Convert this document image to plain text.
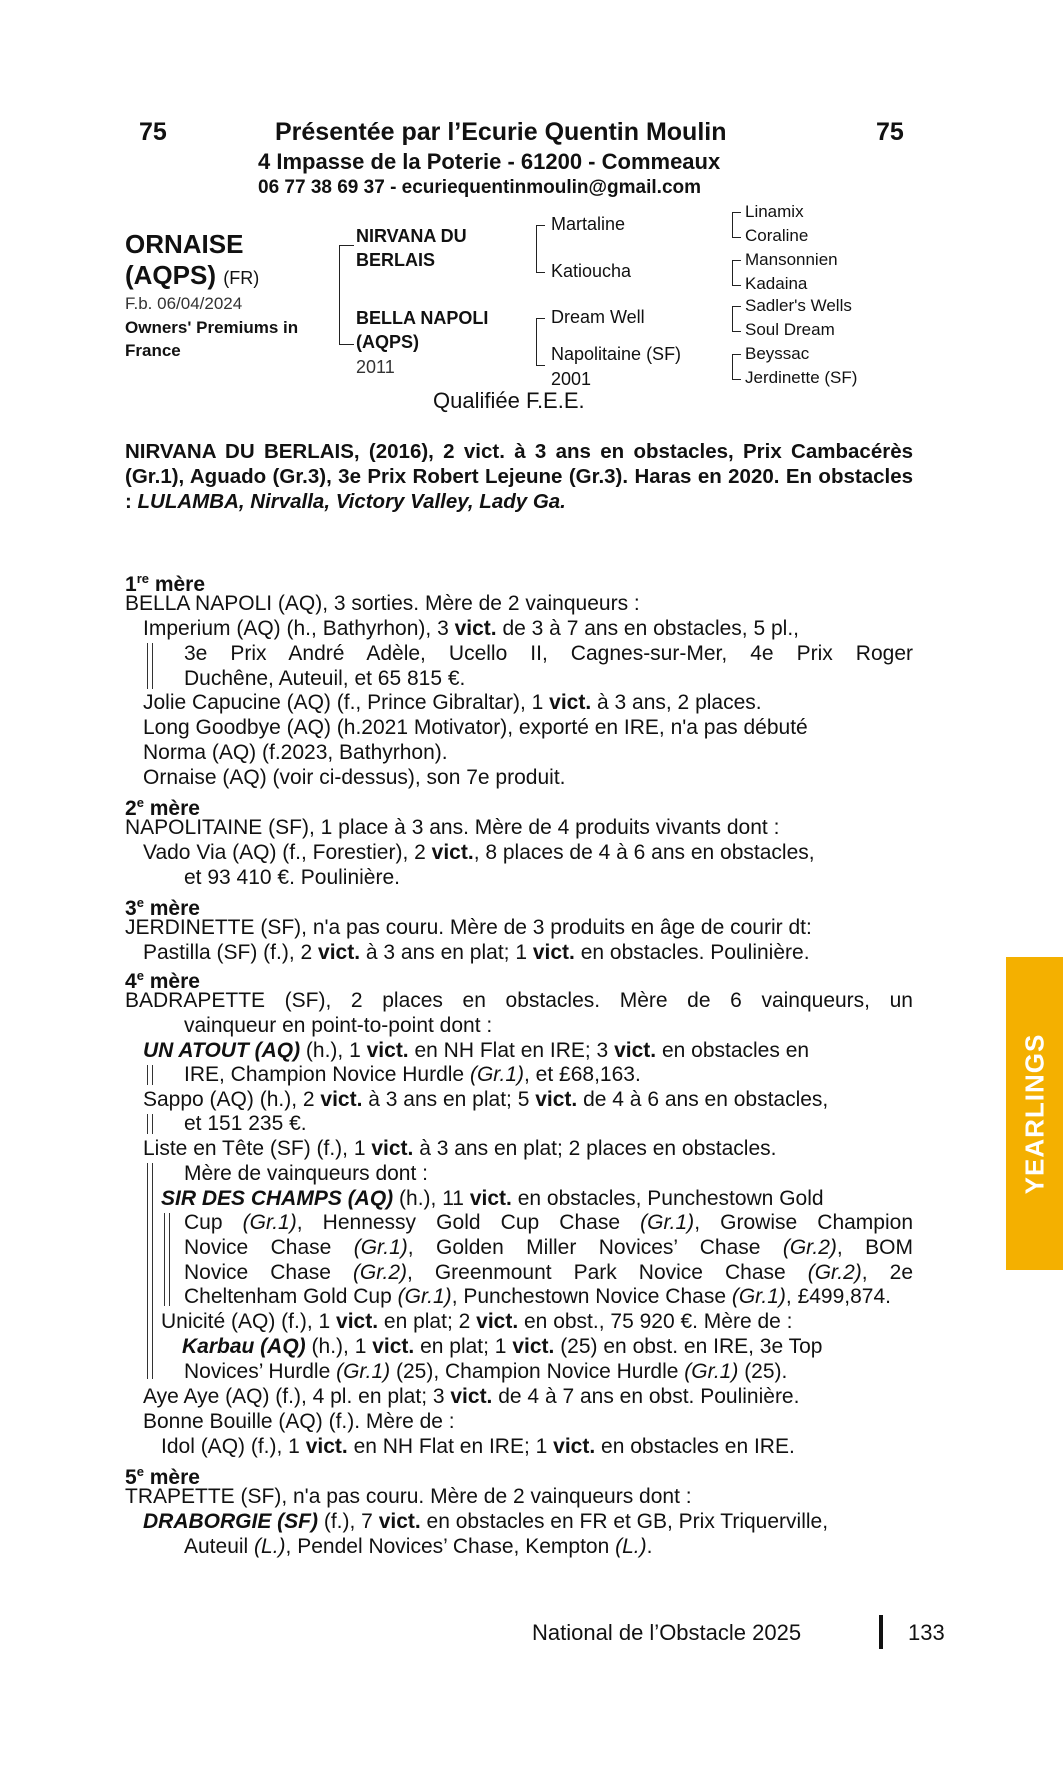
75	Présentée par l’Ecurie Quentin Moulin	75
4 Impasse de la Poterie - 61200 - Commeaux
06 77 38 69 37 - ecuriequentinmoulin@gmail.com
ORNAISE
(AQPS) (FR)
F.b. 06/04/2024
Owners' Premiums in
France
NIRVANA DU
BERLAIS
BELLA NAPOLI
(AQPS)
2011
Martaline
Katioucha
Dream Well
Napolitaine (SF)
2001
Linamix
Coraline
Mansonnien
Kadaina
Sadler's Wells
Soul Dream
Beyssac
Jerdinette (SF)
Qualifiée F.E.E.
NIRVANA DU BERLAIS, (2016), 2 vict. à 3 ans en obstacles, Prix Cambacérès (Gr.1), Aguado (Gr.3), 3e Prix Robert Lejeune (Gr.3). Haras en 2020. En obstacles : LULAMBA, Nirvalla, Victory Valley, Lady Ga.
1re mère
BELLA NAPOLI (AQ), 3 sorties. Mère de 2 vainqueurs :
Imperium (AQ) (h., Bathyrhon), 3 vict. de 3 à 7 ans en obstacles, 5 pl.,
3e Prix André Adèle, Ucello II, Cagnes-sur-Mer, 4e Prix Roger
Duchêne, Auteuil, et 65 815 €.
Jolie Capucine (AQ) (f., Prince Gibraltar), 1 vict. à 3 ans, 2 places.
Long Goodbye (AQ) (h.2021 Motivator), exporté en IRE, n'a pas débuté
Norma (AQ) (f.2023, Bathyrhon).
Ornaise (AQ) (voir ci-dessus), son 7e produit.
2e mère
NAPOLITAINE (SF), 1 place à 3 ans. Mère de 4 produits vivants dont :
Vado Via (AQ) (f., Forestier), 2 vict., 8 places de 4 à 6 ans en obstacles,
et 93 410 €. Poulinière.
3e mère
JERDINETTE (SF), n'a pas couru. Mère de 3 produits en âge de courir dt:
Pastilla (SF) (f.), 2 vict. à 3 ans en plat; 1 vict. en obstacles. Poulinière.
4e mère
BADRAPETTE (SF), 2 places en obstacles. Mère de 6 vainqueurs, un
vainqueur en point-to-point dont :
UN ATOUT (AQ) (h.), 1 vict. en NH Flat en IRE; 3 vict. en obstacles en
IRE, Champion Novice Hurdle (Gr.1), et £68,163.
Sappo (AQ) (h.), 2 vict. à 3 ans en plat; 5 vict. de 4 à 6 ans en obstacles,
et 151 235 €.
Liste en Tête (SF) (f.), 1 vict. à 3 ans en plat; 2 places en obstacles.
Mère de vainqueurs dont :
SIR DES CHAMPS (AQ) (h.), 11 vict. en obstacles, Punchestown Gold
Cup (Gr.1), Hennessy Gold Cup Chase (Gr.1), Growise Champion
Novice Chase (Gr.1), Golden Miller Novices’ Chase (Gr.2), BOM
Novice Chase (Gr.2), Greenmount Park Novice Chase (Gr.2), 2e
Cheltenham Gold Cup (Gr.1), Punchestown Novice Chase (Gr.1), £499,874.
Unicité (AQ) (f.), 1 vict. en plat; 2 vict. en obst., 75 920 €. Mère de :
Karbau (AQ) (h.), 1 vict. en plat; 1 vict. (25) en obst. en IRE, 3e Top
Novices’ Hurdle (Gr.1) (25), Champion Novice Hurdle (Gr.1) (25).
Aye Aye (AQ) (f.), 4 pl. en plat; 3 vict. de 4 à 7 ans en obst. Poulinière.
Bonne Bouille (AQ) (f.). Mère de :
Idol (AQ) (f.), 1 vict. en NH Flat en IRE; 1 vict. en obstacles en IRE.
5e mère
TRAPETTE (SF), n'a pas couru. Mère de 2 vainqueurs dont :
DRABORGIE (SF) (f.), 7 vict. en obstacles en FR et GB, Prix Triquerville,
Auteuil (L.), Pendel Novices’ Chase, Kempton (L.).
YEARLINGS
National de l’Obstacle 2025	133
